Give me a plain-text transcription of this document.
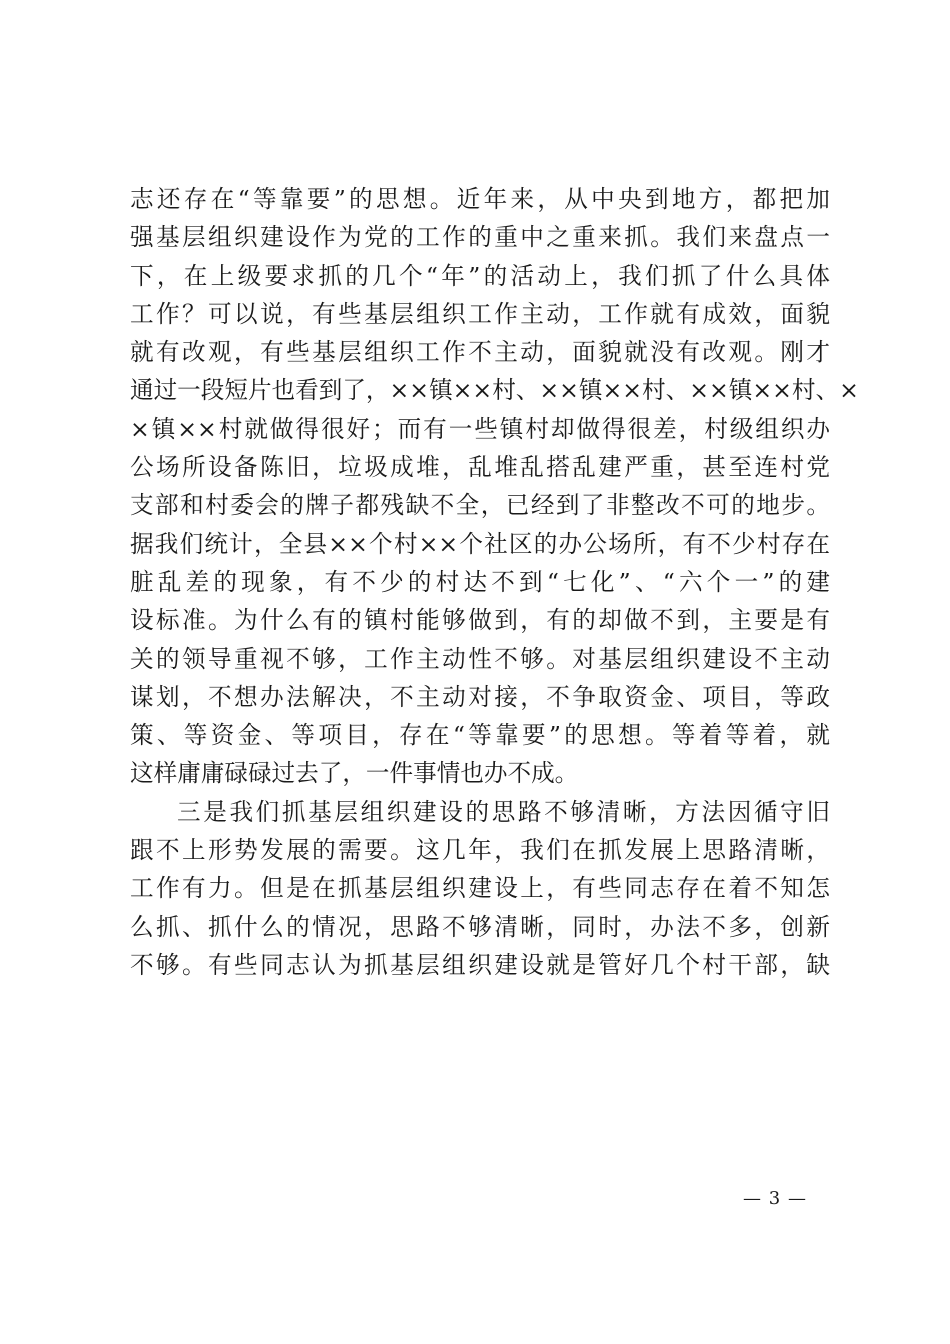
志还存在“等靠要”的思想。近年来，从中央到地方，都把加
强基层组织建设作为党的工作的重中之重来抓。我们来盘点一
下，在上级要求抓的几个“年”的活动上，我们抓了什么具体
工作？可以说，有些基层组织工作主动，工作就有成效，面貌
就有改观，有些基层组织工作不主动，面貌就没有改观。刚才
通过一段短片也看到了，××镇××村、××镇××村、××镇××村、×
×镇××村就做得很好；而有一些镇村却做得很差，村级组织办
公场所设备陈旧，垃圾成堆，乱堆乱搭乱建严重，甚至连村党
支部和村委会的牌子都残缺不全，已经到了非整改不可的地步。
据我们统计，全县××个村××个社区的办公场所，有不少村存在
脏乱差的现象，有不少的村达不到“七化”、“六个一”的建
设标准。为什么有的镇村能够做到，有的却做不到，主要是有
关的领导重视不够，工作主动性不够。对基层组织建设不主动
谋划，不想办法解决，不主动对接，不争取资金、项目，等政
策、等资金、等项目，存在“等靠要”的思想。等着等着，就
这样庸庸碌碌过去了，一件事情也办不成。
三是我们抓基层组织建设的思路不够清晰，方法因循守旧
跟不上形势发展的需要。这几年，我们在抓发展上思路清晰，
工作有力。但是在抓基层组织建设上，有些同志存在着不知怎
么抓、抓什么的情况，思路不够清晰，同时，办法不多，创新
不够。有些同志认为抓基层组织建设就是管好几个村干部，缺
— 3 —
